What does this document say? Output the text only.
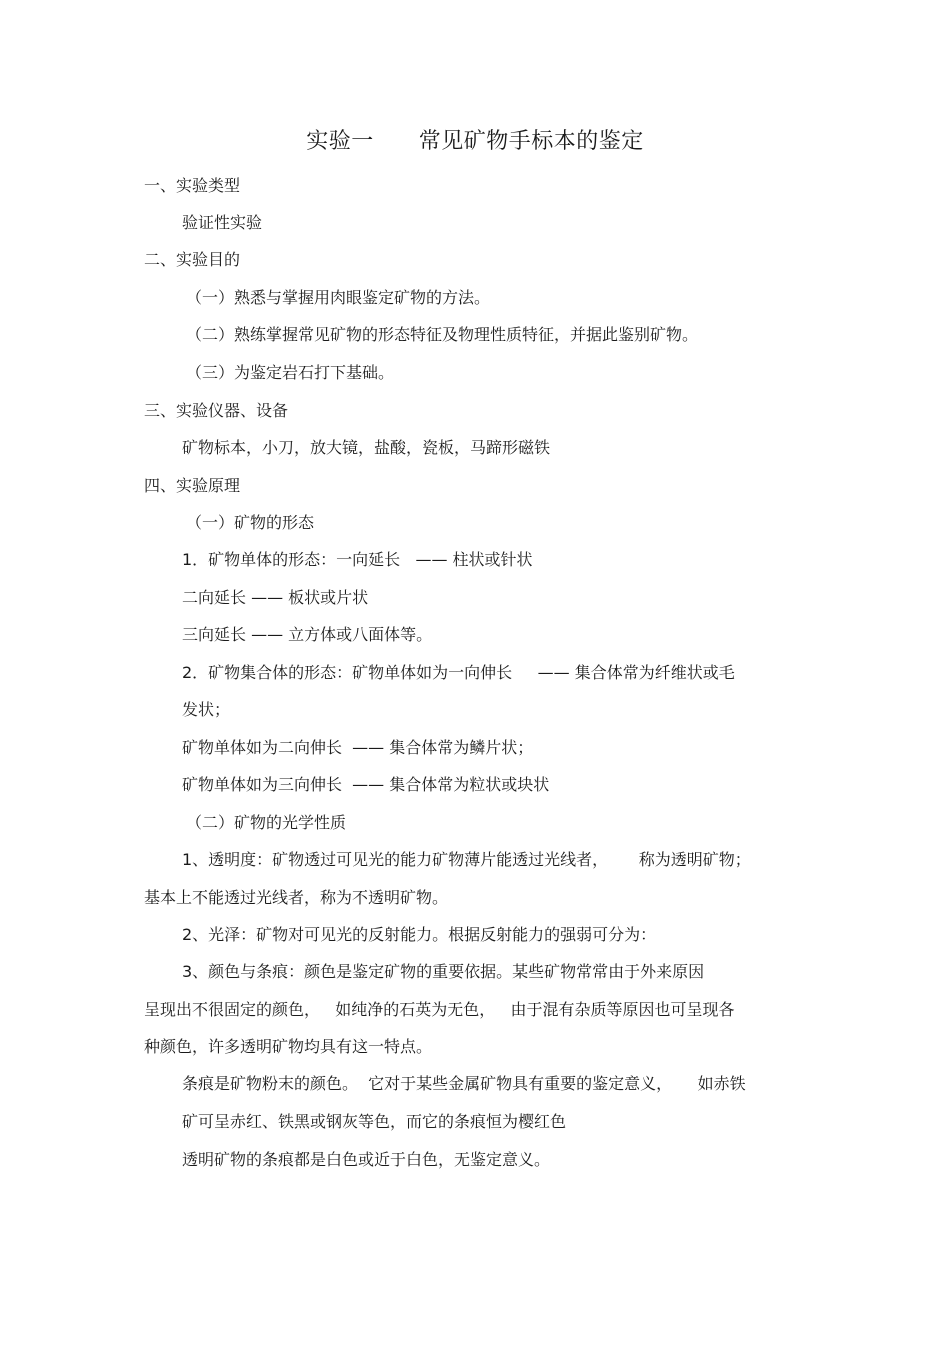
实验一      常见矿物手标本的鉴定
一、实验类型
验证性实验
二、实验目的
（一）熟悉与掌握用肉眼鉴定矿物的方法。
（二）熟练掌握常见矿物的形态特征及物理性质特征，并据此鉴别矿物。
（三）为鉴定岩石打下基础。
三、实验仪器、设备
矿物标本，小刀，放大镜，盐酸，瓷板，马蹄形磁铁
四、实验原理
（一）矿物的形态
1．矿物单体的形态：一向延长   —— 柱状或针状
二向延长 —— 板状或片状
三向延长 —— 立方体或八面体等。
2．矿物集合体的形态：矿物单体如为一向伸长     —— 集合体常为纤维状或毛
发状；
矿物单体如为二向伸长  —— 集合体常为鳞片状；
矿物单体如为三向伸长  —— 集合体常为粒状或块状
（二）矿物的光学性质
1、透明度：矿物透过可见光的能力矿物薄片能透过光线者，      称为透明矿物；
基本上不能透过光线者，称为不透明矿物。
2、光泽：矿物对可见光的反射能力。根据反射能力的强弱可分为：
3、颜色与条痕：颜色是鉴定矿物的重要依据。某些矿物常常由于外来原因
呈现出不很固定的颜色，   如纯净的石英为无色，   由于混有杂质等原因也可呈现各
种颜色，许多透明矿物均具有这一特点。
条痕是矿物粉末的颜色。  它对于某些金属矿物具有重要的鉴定意义，     如赤铁
矿可呈赤红、铁黑或钢灰等色，而它的条痕恒为樱红色
透明矿物的条痕都是白色或近于白色，无鉴定意义。
